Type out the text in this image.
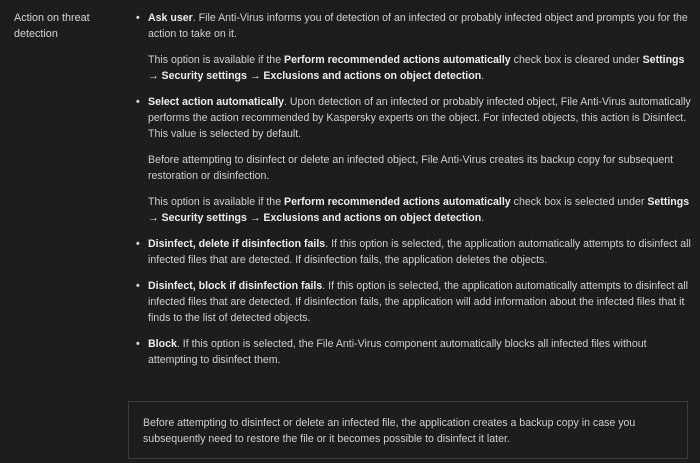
Action on threat detection
• Ask user. File Anti-Virus informs you of detection of an infected or probably infected object and prompts you for the action to take on it.

This option is available if the Perform recommended actions automatically check box is cleared under Settings → Security settings → Exclusions and actions on object detection.

• Select action automatically. Upon detection of an infected or probably infected object, File Anti-Virus automatically performs the action recommended by Kaspersky experts on the object. For infected objects, this action is Disinfect. This value is selected by default.

Before attempting to disinfect or delete an infected object, File Anti-Virus creates its backup copy for subsequent restoration or disinfection.

This option is available if the Perform recommended actions automatically check box is selected under Settings → Security settings → Exclusions and actions on object detection.

• Disinfect, delete if disinfection fails. If this option is selected, the application automatically attempts to disinfect all infected files that are detected. If disinfection fails, the application deletes the objects.

• Disinfect, block if disinfection fails. If this option is selected, the application automatically attempts to disinfect all infected files that are detected. If disinfection fails, the application will add information about the infected files that it finds to the list of detected objects.

• Block. If this option is selected, the File Anti-Virus component automatically blocks all infected files without attempting to disinfect them.

Before attempting to disinfect or delete an infected file, the application creates a backup copy in case you subsequently need to restore the file or it becomes possible to disinfect it later.
